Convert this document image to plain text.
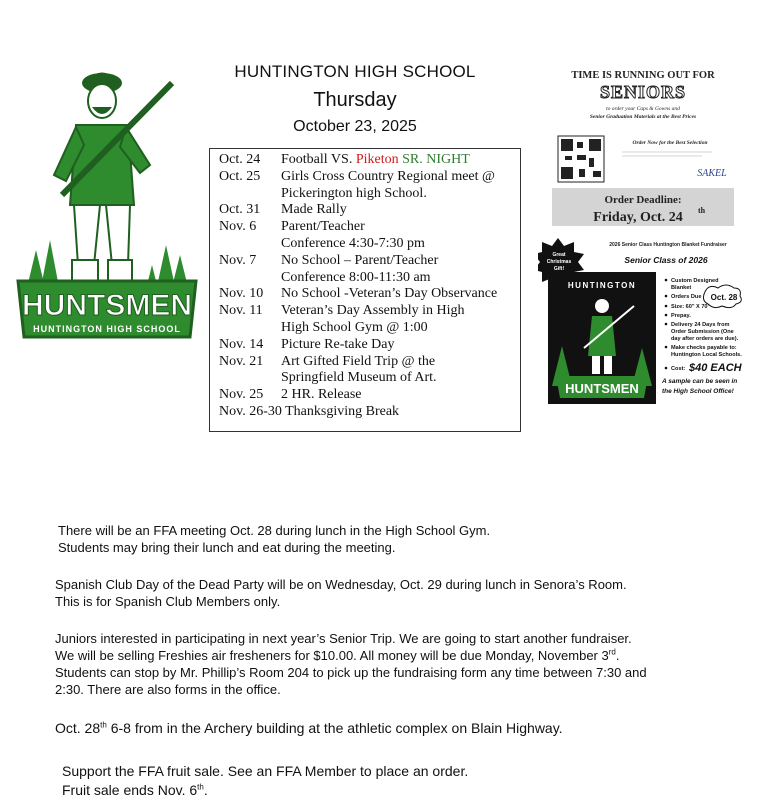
HUNTSMEN
HUNTINGTON HIGH SCHOOL
HUNTINGTON HIGH SCHOOL
Thursday
October 23, 2025
Oct. 24	Football VS. Piketon SR. NIGHT
Oct. 25	Girls Cross Country Regional meet @
Pickerington high School.
Oct. 31	Made Rally
Nov. 6	Parent/Teacher
Conference 4:30-7:30 pm
Nov. 7	No School – Parent/Teacher
Conference 8:00-11:30 am
Nov. 10	No School -Veteran’s Day Observance
Nov. 11	Veteran’s Day Assembly in High
High School Gym @ 1:00
Nov. 14	Picture Re-take Day
Nov. 21	Art Gifted Field Trip @ the
Springfield Museum of Art.
Nov. 25	2 HR. Release
Nov. 26-30 Thanksgiving Break
TIME IS RUNNING OUT FOR
SENIORS
to order your Caps & Gowns and
Senior Graduation Materials at the Best Prices
Order Now for the Best Selection
SAKEL
Order Deadline:
Friday, Oct. 24 th
Great
Christmas
Gift!
2026 Senior Class Huntington Blanket Fundraiser
Senior Class of 2026
HUNTINGTON
HUNTSMEN
Custom Designed
Blanket
Orders Due
Size: 60" X 70"
Prepay.
Delivery 24 Days from
Order Submission (One
day after orders are due).
Make checks payable to:
Huntington Local Schools.
Cost:
Oct. 28
$40 EACH
A sample can be seen in
the High School Office!
There will be an FFA meeting Oct. 28 during lunch in the High School Gym.
Students may bring their lunch and eat during the meeting.
Spanish Club Day of the Dead Party will be on Wednesday, Oct. 29 during lunch in Senora’s Room.
This is for Spanish Club Members only.
Juniors interested in participating in next year’s Senior Trip. We are going to start another fundraiser.
We will be selling Freshies air fresheners for $10.00. All money will be due Monday, November 3rd.
Students can stop by Mr. Phillip’s Room 204 to pick up the fundraising form any time between 7:30 and
2:30. There are also forms in the office.
Oct. 28th 6-8 from in the Archery building at the athletic complex on Blain Highway.
Support the FFA fruit sale. See an FFA Member to place an order.
Fruit sale ends Nov. 6th.
